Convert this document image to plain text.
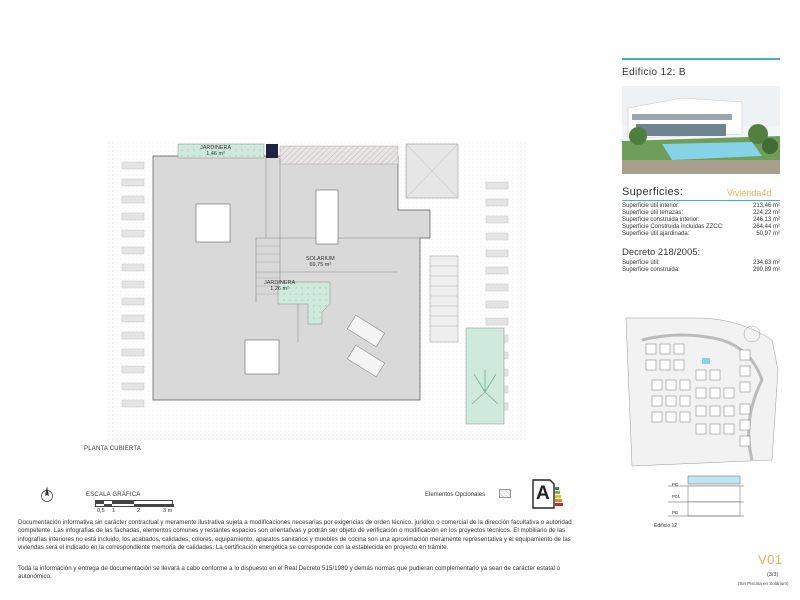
JARDINERA
1,46 m²
SOLARIUM
69,75 m²
JARDINERA
1,26 m²
PLANTA CUBIERTA
ESCALA GRÁFICA
0,5 1	2	3 m
Elementos Opcionales	A
Documentación informativa sin carácter contractual y meramente ilustrativa sujeta a modificaciones necesarias por exigencias de orden técnico, jurídico o comercial de la dirección facultativa o autoridad competente. Las infografías de las fachadas, elementos comunes y restantes espacios son orientativas y podrán ser objeto de verificación o modificación en los proyectos técnicos. El mobiliario de las infografías interiores no está incluido, los acabados, calidades, colores, equipamiento, aparatos sanitarios y muebles de cocina son una aproximación meramente representativa y el equipamiento de las viviendas será el indicado en la correspondiente memoria de calidades. La certificación energética se corresponde con la establecida en proyecto en trámite.
Toda la información y entrega de documentación se llevará a cabo conforme a lo dispuesto en el Real Decreto 515/1989 y demás normas que pudieran complementarlo ya sean de carácter estatal o autonómico.
Edificio 12: B
Superficies:	Vivienda4d
Superficie útil interior:	213,46 m²
Superficie útil terrazas:	224,22 m²
Superficie construida interior:	246,13 m²
Superficie Construida incluidas ZZCC:	264,44 m²
Superficie útil ajardinada:	50,97 m²
Decreto 218/2005:
Superficie útil:	234,83 m²
Superficie construida:	290,89 m²
PC
P01
PB
Edificio 12
V01
(3/3)
(Sin Piscina en Solárium)
